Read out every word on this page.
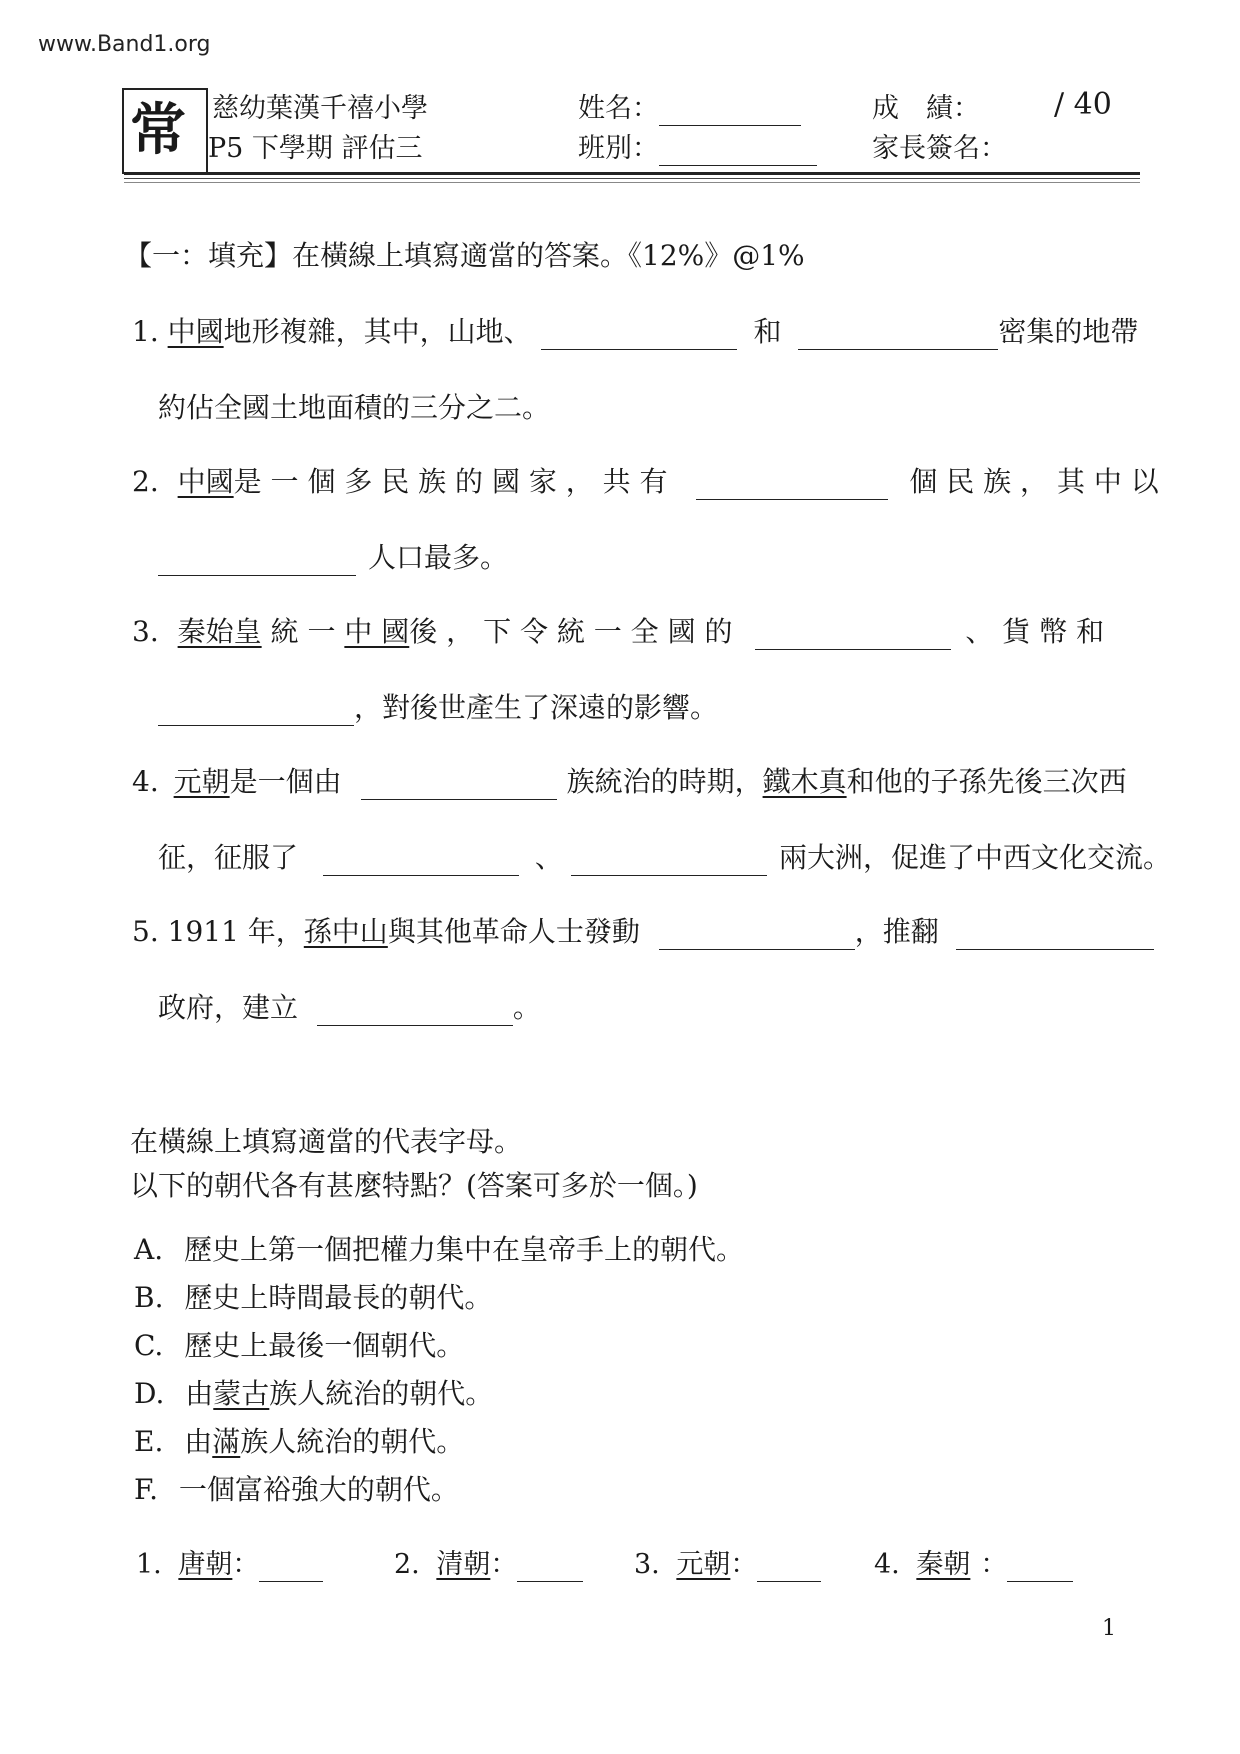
www.Band1.org
常 慈幼葉漢千禧小學
P5 下學期 評估三
姓名：
班別：
成　績： / 40
家長簽名：
【一：填充】在橫線上填寫適當的答案。《12%》@1%
1. 中國地形複雜，其中，山地、	和	密集的地帶
約佔全國土地面積的三分之二。
2. 中國是 一 個 多 民 族 的 國 家 ， 共 有	個 民 族 ， 其 中 以
人口最多。
3. 秦始皇 統 一 中 國後 ， 下 令 統 一 全 國 的	、 貨 幣 和
，對後世產生了深遠的影響。
4. 元朝是一個由	族統治的時期，鐵木真和他的子孫先後三次西
征，征服了	、	兩大洲，促進了中西文化交流。
5. 1911 年，孫中山與其他革命人士發動	，推翻
政府，建立	。
在橫線上填寫適當的代表字母。
以下的朝代各有甚麼特點？(答案可多於一個。)
A. 歷史上第一個把權力集中在皇帝手上的朝代。
B. 歷史上時間最長的朝代。
C. 歷史上最後一個朝代。
D. 由蒙古族人統治的朝代。
E. 由滿族人統治的朝代。
F. 一個富裕強大的朝代。
1. 唐朝：	2. 清朝：	3. 元朝：	4. 秦朝 ：
1
